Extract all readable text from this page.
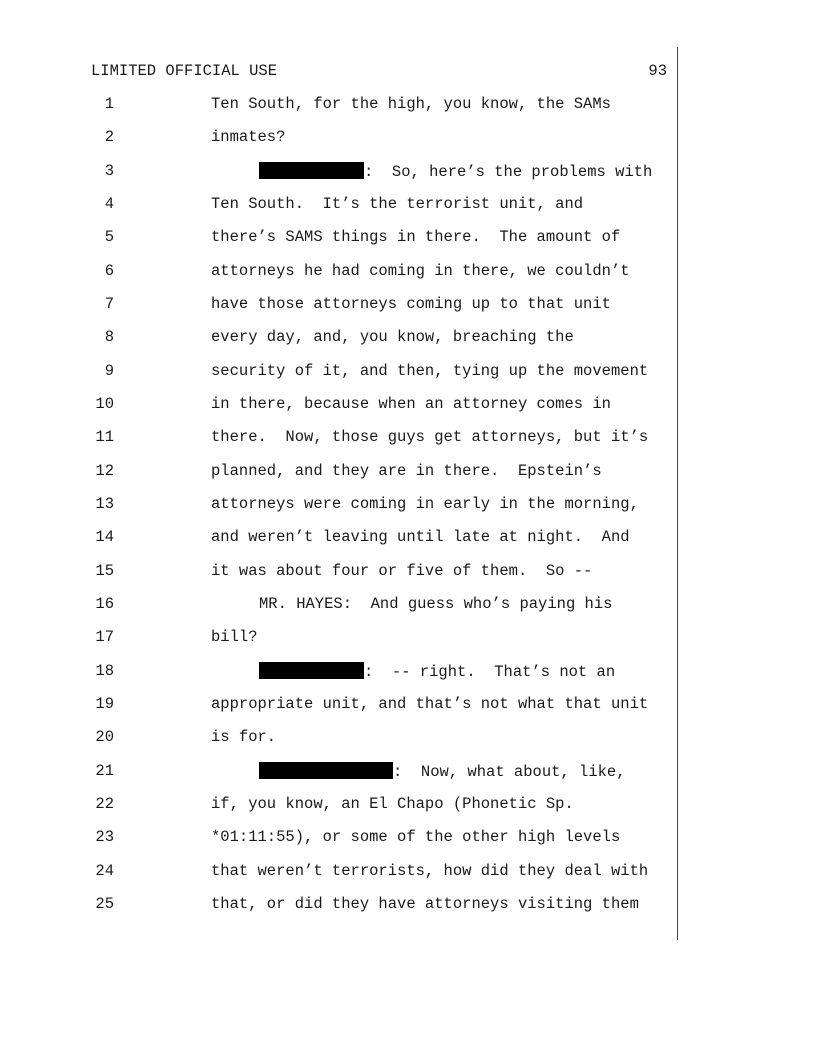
LIMITED OFFICIAL USE	93
1	Ten South, for the high, you know, the SAMs
2	inmates?
3	:  So, here’s the problems with
4	Ten South.  It’s the terrorist unit, and
5	there’s SAMS things in there.  The amount of
6	attorneys he had coming in there, we couldn’t
7	have those attorneys coming up to that unit
8	every day, and, you know, breaching the
9	security of it, and then, tying up the movement
10	in there, because when an attorney comes in
11	there.  Now, those guys get attorneys, but it’s
12	planned, and they are in there.  Epstein’s
13	attorneys were coming in early in the morning,
14	and weren’t leaving until late at night.  And
15	it was about four or five of them.  So --
16	MR. HAYES:  And guess who’s paying his
17	bill?
18	:  -- right.  That’s not an
19	appropriate unit, and that’s not what that unit
20	is for.
21	:  Now, what about, like,
22	if, you know, an El Chapo (Phonetic Sp.
23	*01:11:55), or some of the other high levels
24	that weren’t terrorists, how did they deal with
25	that, or did they have attorneys visiting them
